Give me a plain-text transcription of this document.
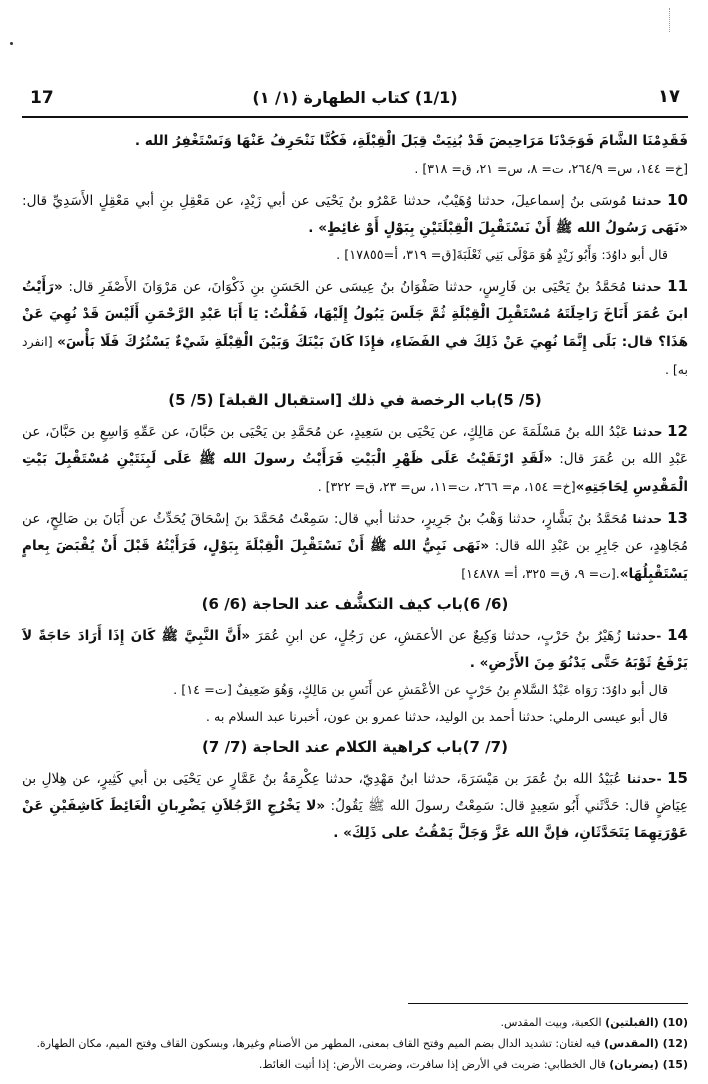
17	(1/1) كتاب الطهارة (١/ ١)	١٧

فَقَدِمْنَا الشَّامَ فَوَجَدْنَا مَرَاحِيضَ قَدْ بُنِيَتْ قِبَلَ الْقِبْلَةِ، فَكُنَّا نَنْحَرِفُ عَنْهَا وَنَسْتَغْفِرُ الله .

[خ= ١٤٤، س= ٢٦٤/٩، ت= ٨، س= ٢١، ق= ٣١٨] .

10 حدثنا مُوسَى بنُ إسماعيلَ، حدثنا وُهَيْبٌ، حدثنا عَمْرُو بنُ يَحْيَى عن أبي زَيْدٍ، عن مَعْقِلِ بنِ أبي مَعْقِلٍ الأَسَدِيِّ قال: «نَهَى رَسُولُ الله ﷺ أَنْ نَسْتَقْبِلَ الْقِبْلَتَيْنِ بِبَوْلٍ أَوْ غائِطٍ» .

قال أبو داوُدَ: وَأَبُو زَيْدٍ هُوَ مَوْلَى بَنِي ثَعْلَبَةَ[ق= ٣١٩، أ=١٧٨٥٥] .

11 حدثنا مُحَمَّدُ بنُ يَحْيَى بن فَارِسٍ، حدثنا صَفْوَانُ بنُ عِيسَى عن الحَسَنِ بنِ ذَكْوَانَ، عن مَرْوَانَ الأَصْفَرِ قال: «رَأَيْتُ ابنَ عُمَرَ أَنَاخَ رَاحِلَتَهُ مُسْتَقْبِلَ الْقِبْلَةِ ثُمَّ جَلَسَ يَبُولُ إِلَيْهَا، فَقُلْتُ: يَا أَبَا عَبْدِ الرَّحْمَنِ أَلَيْسَ قَدْ نُهِيَ عَنْ هَذَا؟ قال: بَلَى إِنَّمَا نُهِيَ عَنْ ذَلِكَ في الفَضَاءِ، فإِذَا كَانَ بَيْنَكَ وَبَيْنَ الْقِبْلَةِ شَيْءٌ يَسْتُرُكَ فَلَا بَأْسَ» [انفرد به] .

(5/ 5)باب الرخصة في ذلك [استقبال القبلة] (5/ 5)

12 حدثنا عَبْدُ الله بنُ مَسْلَمَةَ عن مَالِكٍ، عن يَحْيَى بن سَعِيدٍ، عن مُحَمَّدِ بن يَحْيَى بن حَبَّانَ، عن عَمِّهِ وَاسِعِ بن حَبَّانَ، عن عَبْدِ الله بن عُمَرَ قال: «لَقَدِ ارْتَقَيْتُ عَلَى ظَهْرِ الْبَيْتِ فَرَأَيْتُ رسولَ الله ﷺ عَلَى لَبِنَتَيْنِ مُسْتَقْبِلَ بَيْتِ الْمَقْدِسِ لِحَاجَتِهِ»[خ= ١٥٤، م= ٢٦٦، ت=١١، س= ٢٣، ق= ٣٢٢] .

13 حدثنا مُحَمَّدُ بنُ بَشَّارٍ، حدثنا وَهْبُ بنُ جَرِيرٍ، حدثنا أبي قال: سَمِعْتُ مُحَمَّدَ بنَ إسْحَاقَ يُحَدِّثُ عن أَبَانَ بن صَالِحٍ، عن مُجَاهِدٍ، عن جَابِرِ بن عَبْدِ الله قال: «نَهَى نَبِيُّ الله ﷺ أَنْ نَسْتَقْبِلَ الْقِبْلَةَ بِبَوْلٍ، فَرَأَيْتُهُ قَبْلَ أَنْ يُقْبَضَ بِعامٍ يَسْتَقْبِلُهَا».[ت= ٩، ق= ٣٢٥، أ= ١٤٨٧٨]

(6/ 6)باب كيف التكشُّف عند الحاجة (6/ 6)

14 -حدثنا زُهَيْرُ بنُ حَرْبٍ، حدثنا وَكِيعٌ عن الأعمَشِ، عن رَجُلٍ، عن ابنِ عُمَرَ «أَنَّ النَّبِيَّ ﷺ كَانَ إِذَا أَرَادَ حَاجَةً لاَ يَرْفَعُ ثَوْبَهُ حَتَّى يَدْنُوَ مِنَ الأَرْضِ» .

قال أبو داوُدَ: رَوَاه عَبْدُ السَّلامِ بنُ حَرْبٍ عن الأعْمَشِ عن أَنَسِ بن مَالِكٍ، وَهُوَ ضَعِيفٌ [ت= ١٤] .

قال أبو عيسى الرملي: حدثنا أحمد بن الوليد، حدثنا عمرو بن عون، أخبرنا عبد السلام به .

(7/ 7)باب كراهية الكلام عند الحاجة (7/ 7)

15 -حدثنا عُبَيْدُ الله بنُ عُمَرَ بن مَيْسَرَةَ، حدثنا ابنُ مَهْدِيّ، حدثنا عِكْرِمَةُ بنُ عَمَّارٍ عن يَحْيَى بن أبي كَثِيرٍ، عن هِلالِ بن عِيَاضٍ قال: حَدَّثَني أَبُو سَعِيدٍ قال: سَمِعْتُ رسولَ الله ﷺ يَقُولُ: «لا يَخْرُجِ الرَّجُلاَنِ يَضْرِبانِ الْغَائِطَ كَاشِفَيْنِ عَنْ عَوْرَتِهِمَا يَتَحَدَّثَانِ، فإنَّ الله عَزَّ وَجَلَّ يَمْقُتُ على ذَلِكَ» .

(10) (القبلتين) الكعبة، وبيت المقدس.

(12) (المقدس) فيه لغتان: تشديد الدال بضم الميم وفتح القاف بمعنى، المطهر من الأصنام وغيرها، وبسكون القاف وفتح الميم، مكان الطهارة.

(15) (يضربان) قال الخطابي: ضربت في الأرض إذا سافرت، وضربت الأرض: إذا أتيت الغائط.
